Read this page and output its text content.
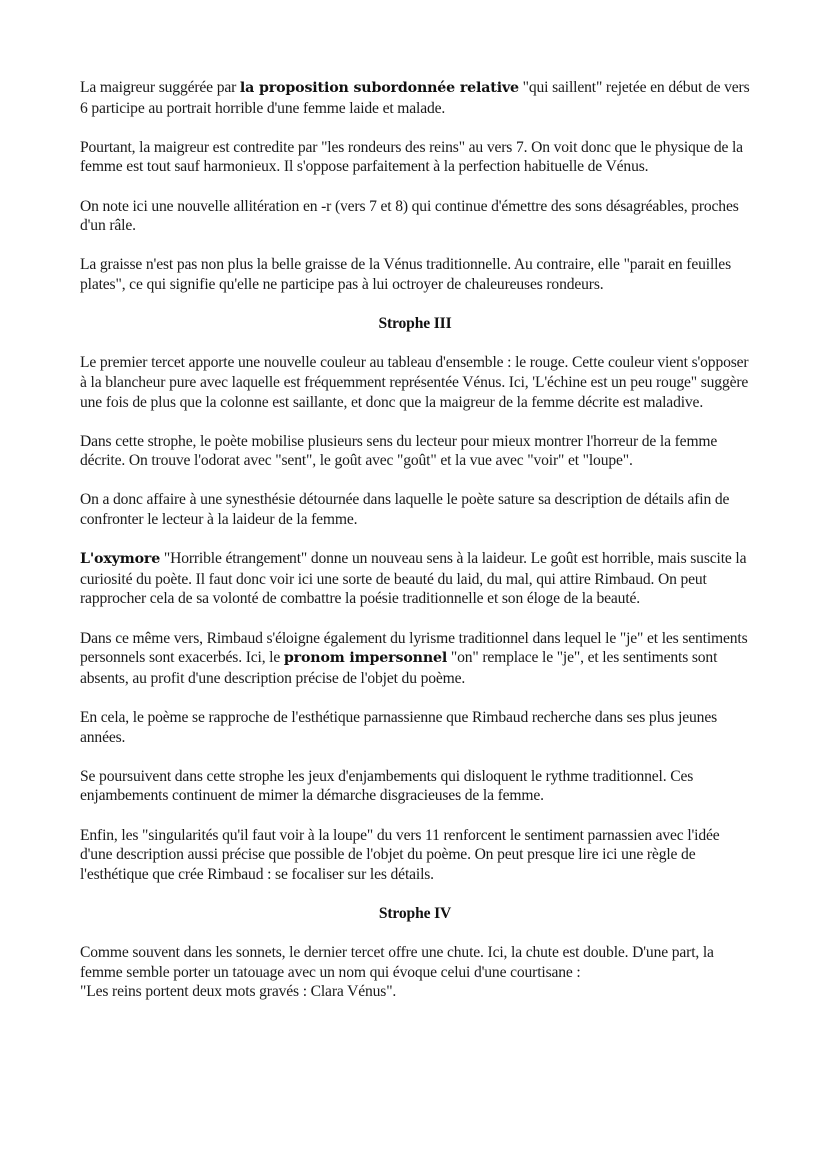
La maigreur suggérée par la proposition subordonnée relative "qui saillent" rejetée en début de vers 6 participe au portrait horrible d'une femme laide et malade.

Pourtant, la maigreur est contredite par "les rondeurs des reins" au vers 7. On voit donc que le physique de la femme est tout sauf harmonieux. Il s'oppose parfaitement à la perfection habituelle de Vénus.

On note ici une nouvelle allitération en -r (vers 7 et 8) qui continue d'émettre des sons désagréables, proches d'un râle.

La graisse n'est pas non plus la belle graisse de la Vénus traditionnelle. Au contraire, elle "parait en feuilles plates", ce qui signifie qu'elle ne participe pas à lui octroyer de chaleureuses rondeurs.

Strophe III

Le premier tercet apporte une nouvelle couleur au tableau d'ensemble : le rouge. Cette couleur vient s'opposer à la blancheur pure avec laquelle est fréquemment représentée Vénus. Ici, 'L'échine est un peu rouge" suggère une fois de plus que la colonne est saillante, et donc que la maigreur de la femme décrite est maladive.

Dans cette strophe, le poète mobilise plusieurs sens du lecteur pour mieux montrer l'horreur de la femme décrite. On trouve l'odorat avec "sent", le goût avec "goût" et la vue avec "voir" et "loupe".

On a donc affaire à une synesthésie détournée dans laquelle le poète sature sa description de détails afin de confronter le lecteur à la laideur de la femme.

L'oxymore "Horrible étrangement" donne un nouveau sens à la laideur. Le goût est horrible, mais suscite la curiosité du poète. Il faut donc voir ici une sorte de beauté du laid, du mal, qui attire Rimbaud. On peut rapprocher cela de sa volonté de combattre la poésie traditionnelle et son éloge de la beauté.

Dans ce même vers, Rimbaud s'éloigne également du lyrisme traditionnel dans lequel le "je" et les sentiments personnels sont exacerbés. Ici, le pronom impersonnel "on" remplace le "je", et les sentiments sont absents, au profit d'une description précise de l'objet du poème.

En cela, le poème se rapproche de l'esthétique parnassienne que Rimbaud recherche dans ses plus jeunes années.

Se poursuivent dans cette strophe les jeux d'enjambements qui disloquent le rythme traditionnel. Ces enjambements continuent de mimer la démarche disgracieuses de la femme.

Enfin, les "singularités qu'il faut voir à la loupe" du vers 11 renforcent le sentiment parnassien avec l'idée d'une description aussi précise que possible de l'objet du poème. On peut presque lire ici une règle de l'esthétique que crée Rimbaud : se focaliser sur les détails.

Strophe IV

Comme souvent dans les sonnets, le dernier tercet offre une chute. Ici, la chute est double. D'une part, la femme semble porter un tatouage avec un nom qui évoque celui d'une courtisane :
"Les reins portent deux mots gravés : Clara Vénus".
